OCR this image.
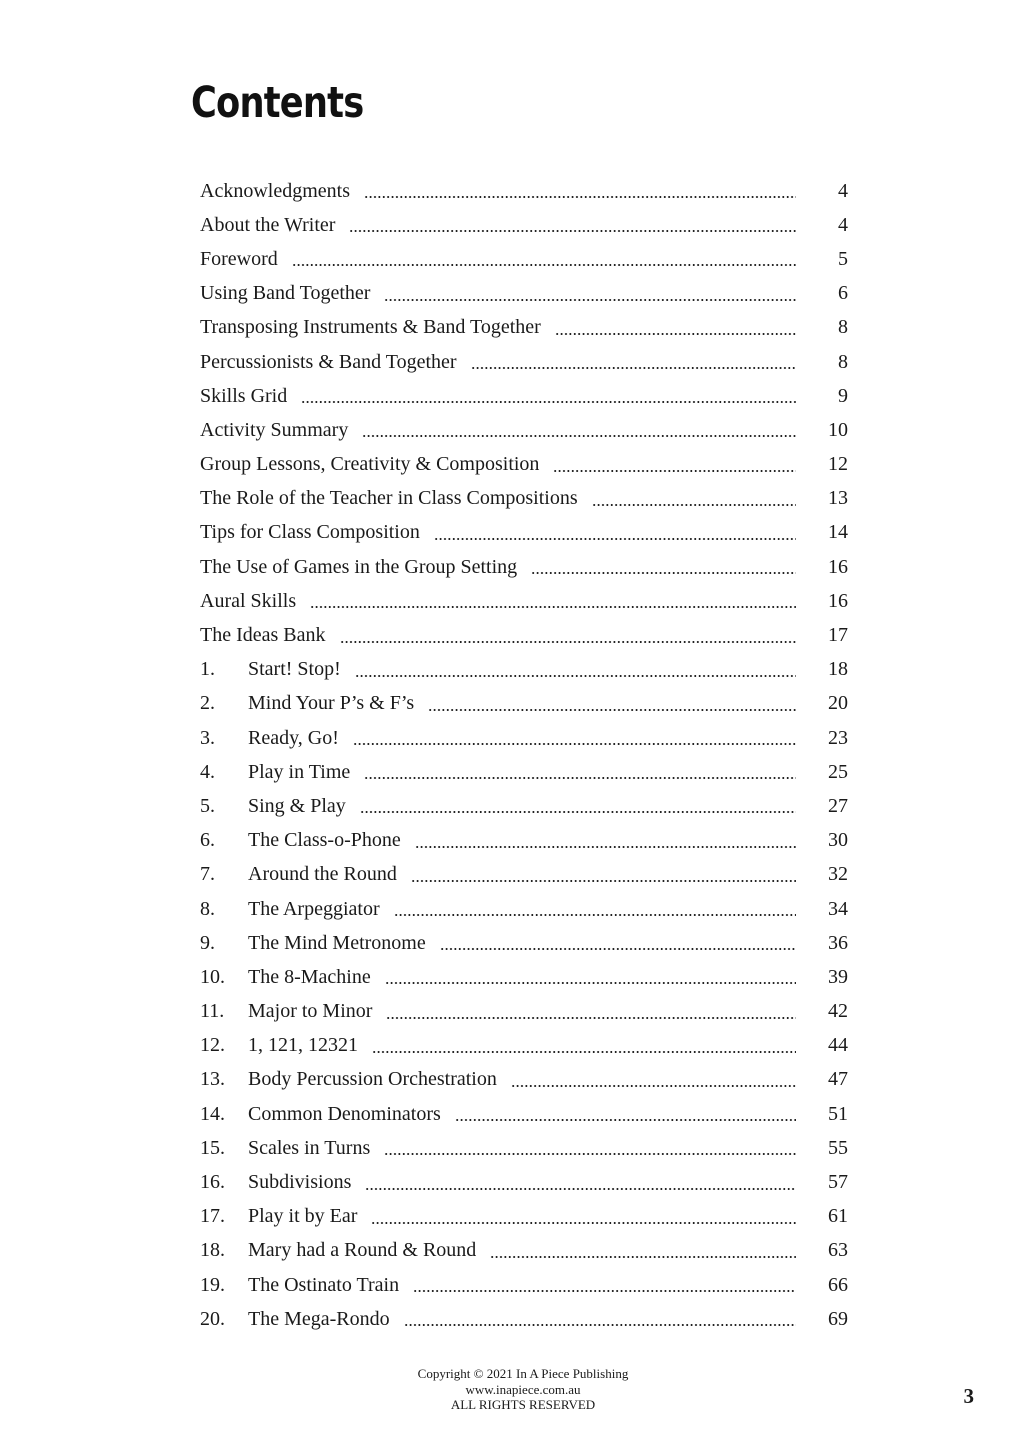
Contents
Acknowledgments	4
About the Writer	4
Foreword	5
Using Band Together	6
Transposing Instruments & Band Together	8
Percussionists & Band Together	8
Skills Grid	9
Activity Summary	10
Group Lessons, Creativity & Composition	12
The Role of the Teacher in Class Compositions	13
Tips for Class Composition	14
The Use of Games in the Group Setting	16
Aural Skills	16
The Ideas Bank	17
1.	Start! Stop!	18
2.	Mind Your P’s & F’s	20
3.	Ready, Go!	23
4.	Play in Time	25
5.	Sing & Play	27
6.	The Class-o-Phone	30
7.	Around the Round	32
8.	The Arpeggiator	34
9.	The Mind Metronome	36
10.	The 8-Machine	39
11.	Major to Minor	42
12.	1, 121, 12321	44
13.	Body Percussion Orchestration	47
14.	Common Denominators	51
15.	Scales in Turns	55
16.	Subdivisions	57
17.	Play it by Ear	61
18.	Mary had a Round & Round	63
19.	The Ostinato Train	66
20.	The Mega-Rondo	69
Copyright © 2021 In A Piece Publishing
www.inapiece.com.au
ALL RIGHTS RESERVED	3
